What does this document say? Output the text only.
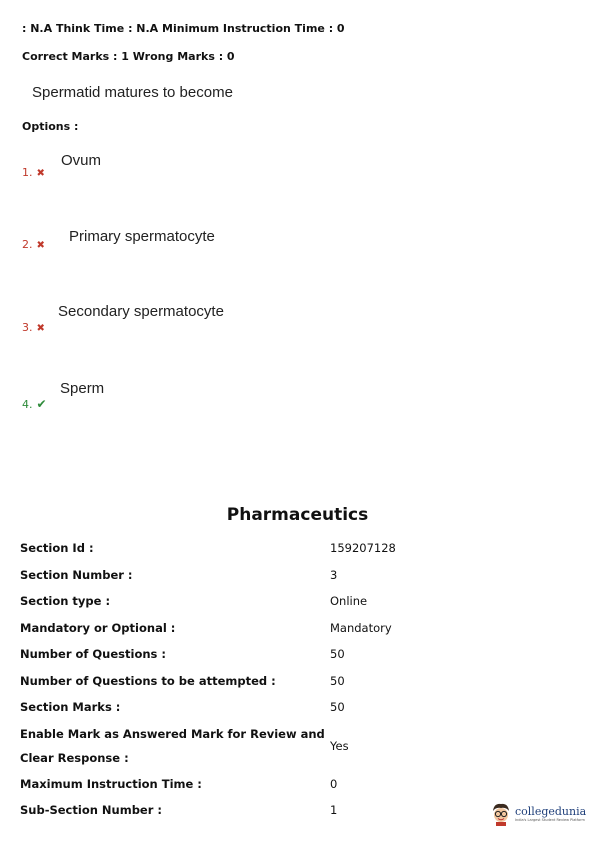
: N.A Think Time : N.A Minimum Instruction Time : 0
Correct Marks : 1 Wrong Marks : 0
Spermatid matures to become
Options :
1. ✖
Ovum
2. ✖
Primary spermatocyte
3. ✖
Secondary spermatocyte
4. ✔
Sperm
Pharmaceutics
Section Id :	159207128
Section Number :	3
Section type :	Online
Mandatory or Optional :	Mandatory
Number of Questions :	50
Number of Questions to be attempted :	50
Section Marks :	50
Enable Mark as Answered Mark for Review and Clear Response :	Yes
Maximum Instruction Time :	0
Sub-Section Number :	1	collegedunia
India's Largest Student Review Platform
